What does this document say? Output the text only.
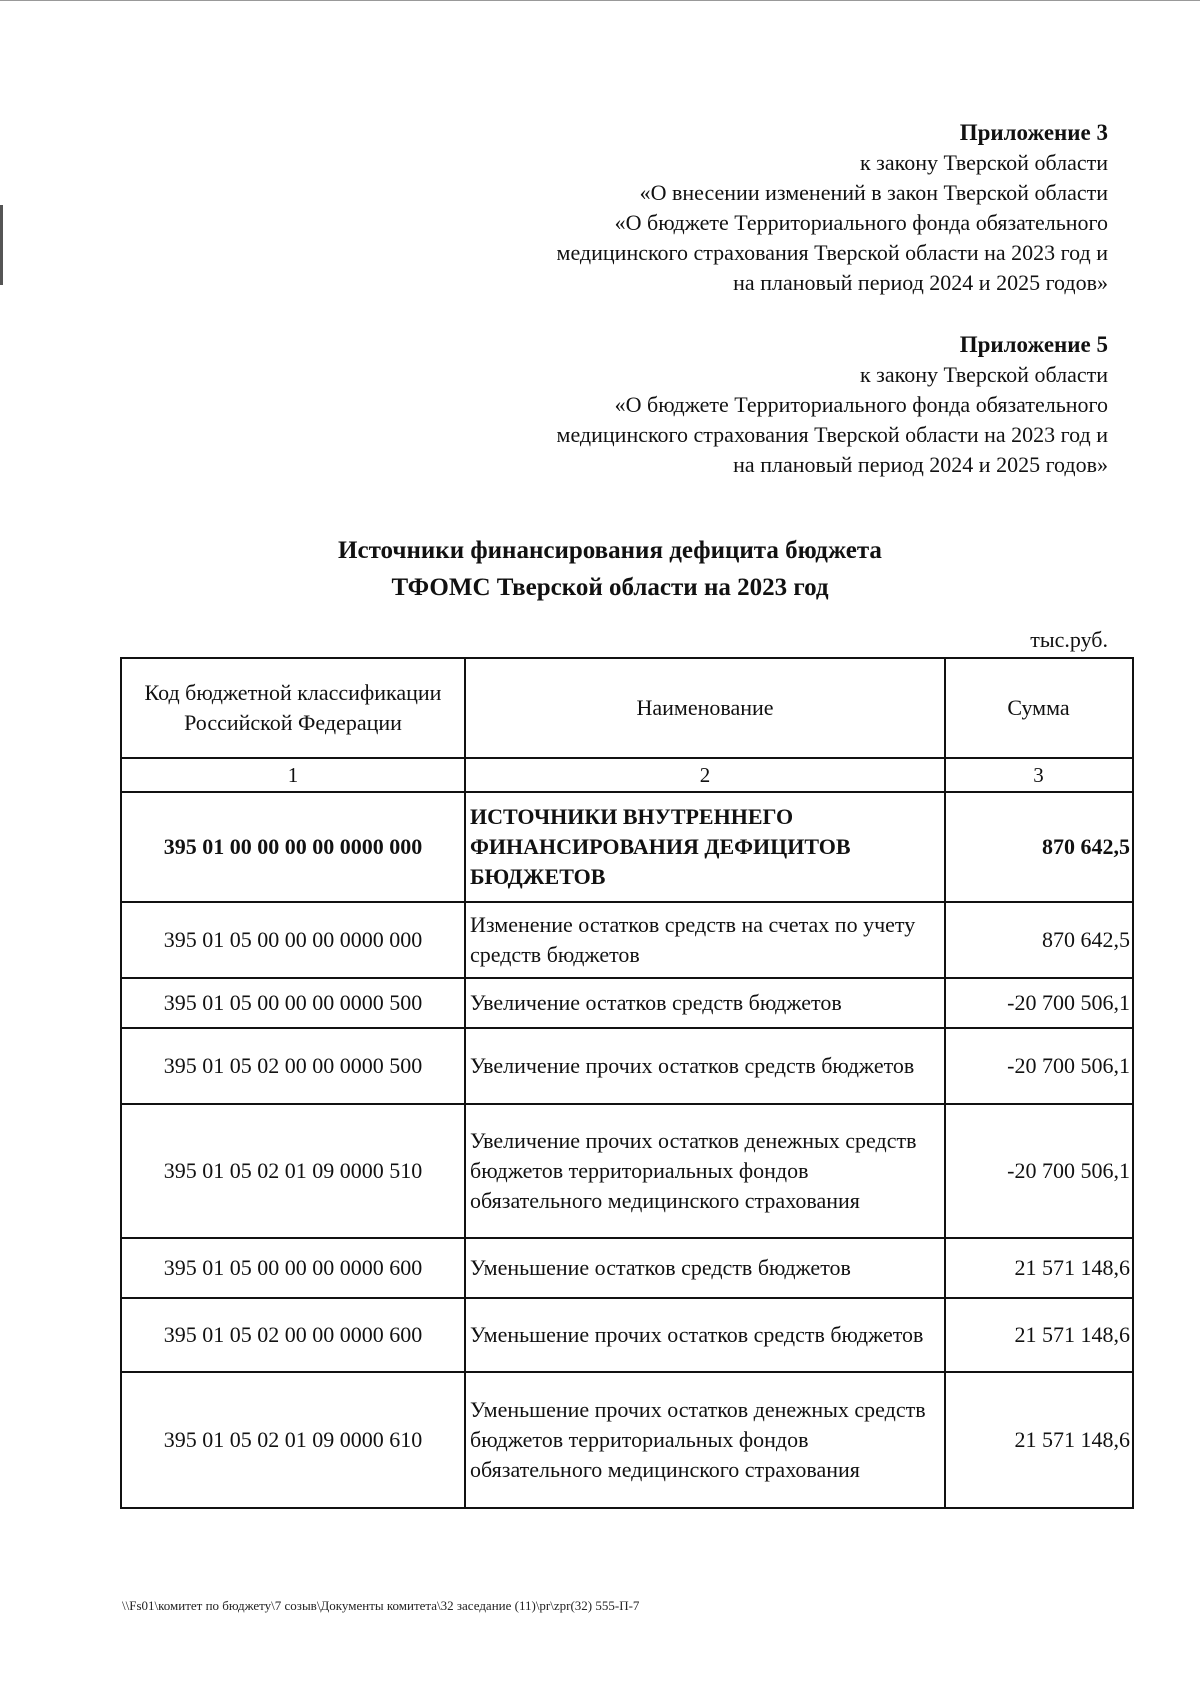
Приложение 3
к закону Тверской области
«О внесении изменений в закон Тверской области
«О бюджете Территориального фонда обязательного
медицинского страхования Тверской области на 2023 год и
на плановый период 2024 и 2025 годов»
Приложение 5
к закону Тверской области
«О бюджете Территориального фонда обязательного
медицинского страхования Тверской области на 2023 год и
на плановый период 2024 и 2025 годов»
Источники финансирования дефицита бюджета
ТФОМС Тверской области на 2023 год
тыс.руб.
Код бюджетной классификации Российской Федерации	Наименование	Сумма
1	2	3
395 01 00 00 00 00 0000 000	ИСТОЧНИКИ ВНУТРЕННЕГО ФИНАНСИРОВАНИЯ ДЕФИЦИТОВ БЮДЖЕТОВ	870 642,5
395 01 05 00 00 00 0000 000	Изменение остатков средств на счетах по учету средств бюджетов	870 642,5
395 01 05 00 00 00 0000 500	Увеличение остатков средств бюджетов	-20 700 506,1
395 01 05 02 00 00 0000 500	Увеличение прочих остатков средств бюджетов	-20 700 506,1
395 01 05 02 01 09 0000 510	Увеличение прочих остатков денежных средств бюджетов территориальных фондов обязательного медицинского страхования	-20 700 506,1
395 01 05 00 00 00 0000 600	Уменьшение остатков средств бюджетов	21 571 148,6
395 01 05 02 00 00 0000 600	Уменьшение прочих остатков средств бюджетов	21 571 148,6
395 01 05 02 01 09 0000 610	Уменьшение прочих остатков денежных средств бюджетов территориальных фондов обязательного медицинского страхования	21 571 148,6
\\Fs01\комитет по бюджету\7 созыв\Документы комитета\32 заседание (11)\pr\zpr(32) 555-П-7
